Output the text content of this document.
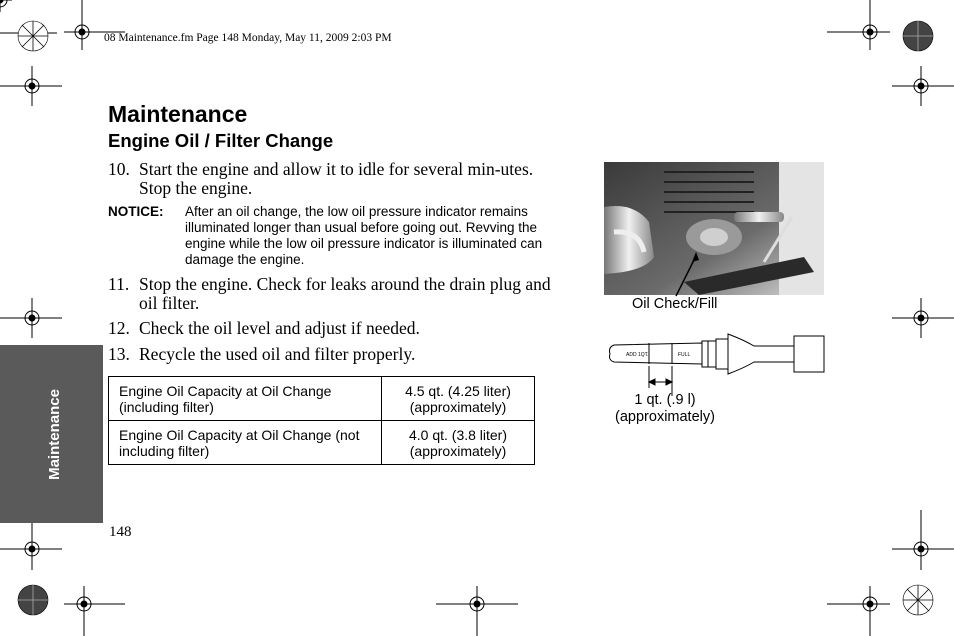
08 Maintenance.fm Page 148 Monday, May 11, 2009 2:03 PM
Maintenance
Engine Oil / Filter Change
10. Start the engine and allow it to idle for several min-utes. Stop the engine.
NOTICE: After an oil change, the low oil pressure indicator remains illuminated longer than usual before going out. Revving the engine while the low oil pressure indicator is illuminated can damage the engine.
11. Stop the engine. Check for leaks around the drain plug and oil filter.
12. Check the oil level and adjust if needed.
13. Recycle the used oil and filter properly.
Engine Oil Capacity at Oil Change (including filter)	4.5 qt. (4.25 liter) (approximately)
Engine Oil Capacity at Oil Change (not including filter)	4.0 qt. (3.8 liter) (approximately)
Oil Check/Fill
ADD 1QT.	FULL
1 qt. (.9 l)
(approximately)
Maintenance
148
